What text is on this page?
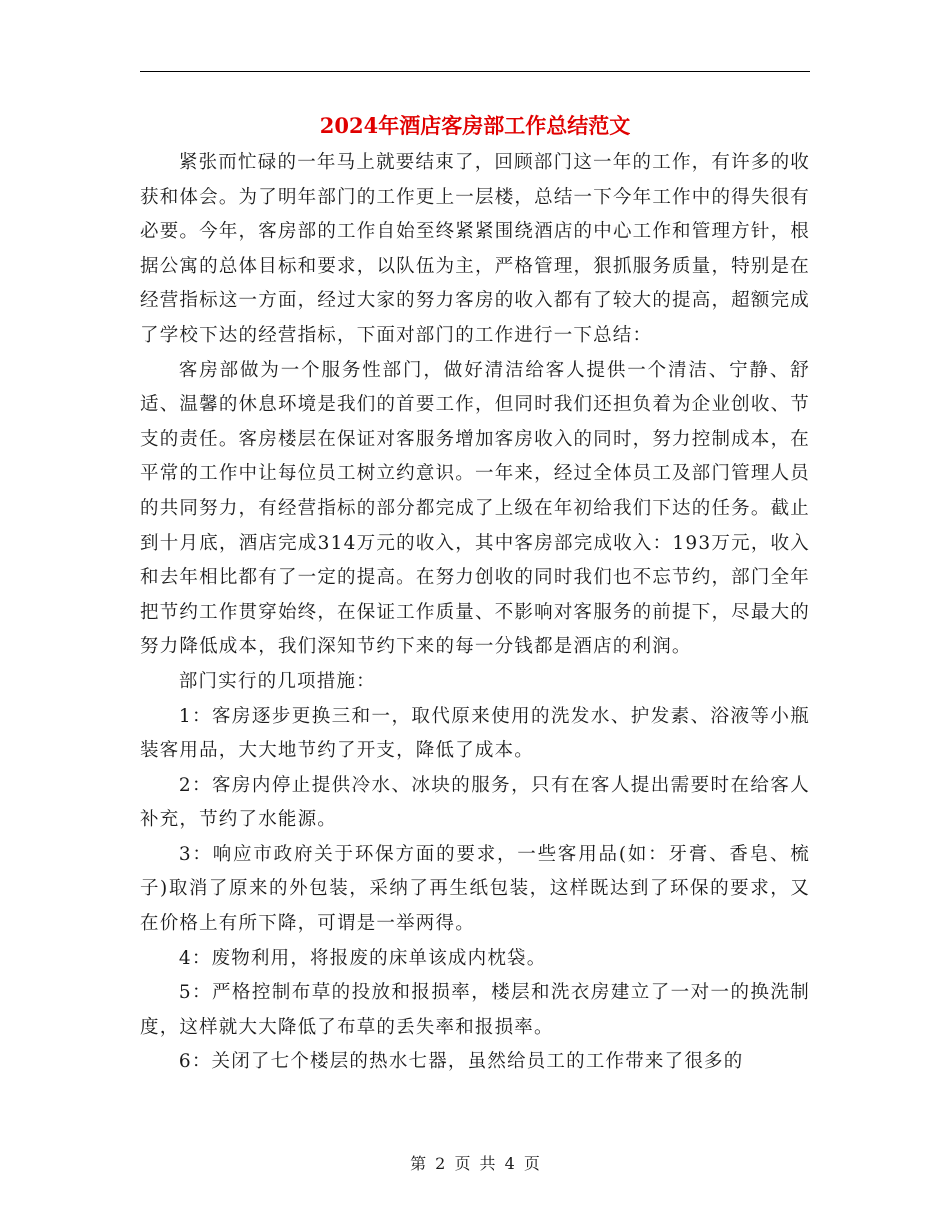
2024年酒店客房部工作总结范文

紧张而忙碌的一年马上就要结束了，回顾部门这一年的工作，有许多的收获和体会。为了明年部门的工作更上一层楼，总结一下今年工作中的得失很有必要。今年，客房部的工作自始至终紧紧围绕酒店的中心工作和管理方针，根据公寓的总体目标和要求，以队伍为主，严格管理，狠抓服务质量，特别是在经营指标这一方面，经过大家的努力客房的收入都有了较大的提高，超额完成了学校下达的经营指标，下面对部门的工作进行一下总结：

客房部做为一个服务性部门，做好清洁给客人提供一个清洁、宁静、舒适、温馨的休息环境是我们的首要工作，但同时我们还担负着为企业创收、节支的责任。客房楼层在保证对客服务增加客房收入的同时，努力控制成本，在平常的工作中让每位员工树立约意识。一年来，经过全体员工及部门管理人员的共同努力，有经营指标的部分都完成了上级在年初给我们下达的任务。截止到十月底，酒店完成314万元的收入，其中客房部完成收入：193万元，收入和去年相比都有了一定的提高。在努力创收的同时我们也不忘节约，部门全年把节约工作贯穿始终，在保证工作质量、不影响对客服务的前提下，尽最大的努力降低成本，我们深知节约下来的每一分钱都是酒店的利润。

部门实行的几项措施：

1：客房逐步更换三和一，取代原来使用的洗发水、护发素、浴液等小瓶装客用品，大大地节约了开支，降低了成本。

2：客房内停止提供冷水、冰块的服务，只有在客人提出需要时在给客人补充，节约了水能源。

3：响应市政府关于环保方面的要求，一些客用品(如：牙膏、香皂、梳子)取消了原来的外包装，采纳了再生纸包装，这样既达到了环保的要求，又在价格上有所下降，可谓是一举两得。

4：废物利用，将报废的床单该成内枕袋。

5：严格控制布草的投放和报损率，楼层和洗衣房建立了一对一的换洗制度，这样就大大降低了布草的丢失率和报损率。

6：关闭了七个楼层的热水七器，虽然给员工的工作带来了很多的

第 2 页 共 4 页
